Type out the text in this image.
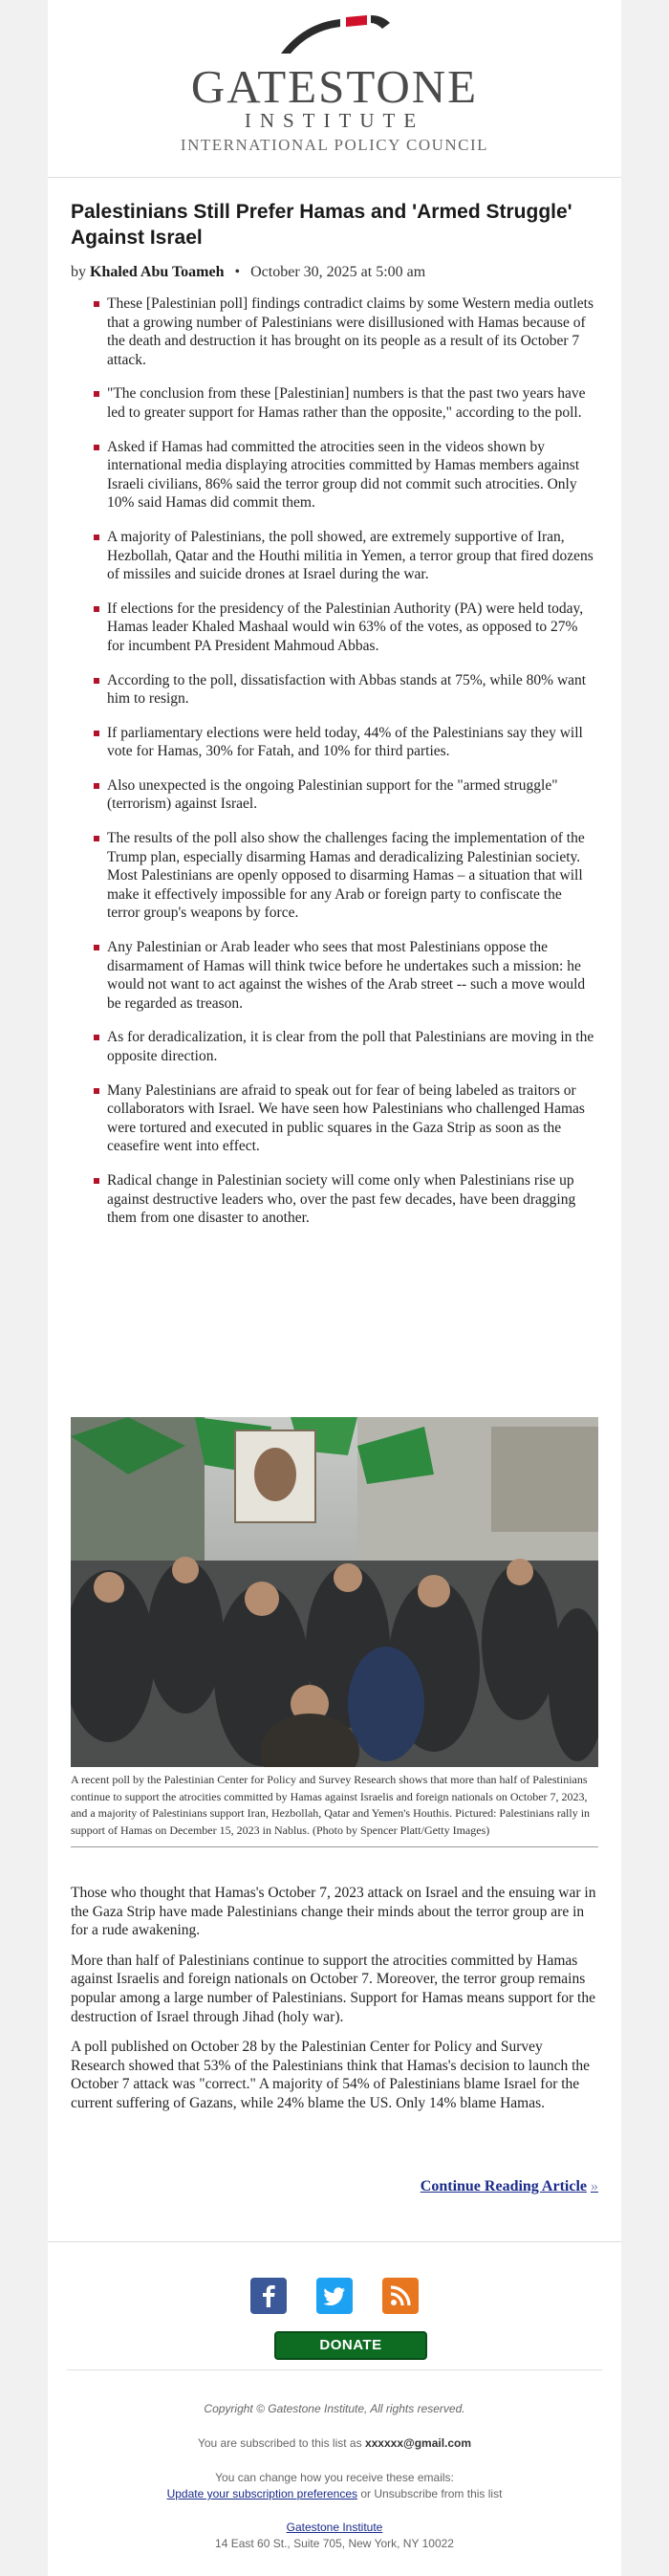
GATESTONE
INSTITUTE
INTERNATIONAL POLICY COUNCIL
Palestinians Still Prefer Hamas and 'Armed Struggle' Against Israel
by Khaled Abu Toameh • October 30, 2025 at 5:00 am
These [Palestinian poll] findings contradict claims by some Western media outlets that a growing number of Palestinians were disillusioned with Hamas because of the death and destruction it has brought on its people as a result of its October 7 attack.
"The conclusion from these [Palestinian] numbers is that the past two years have led to greater support for Hamas rather than the opposite," according to the poll.
Asked if Hamas had committed the atrocities seen in the videos shown by international media displaying atrocities committed by Hamas members against Israeli civilians, 86% said the terror group did not commit such atrocities. Only 10% said Hamas did commit them.
A majority of Palestinians, the poll showed, are extremely supportive of Iran, Hezbollah, Qatar and the Houthi militia in Yemen, a terror group that fired dozens of missiles and suicide drones at Israel during the war.
If elections for the presidency of the Palestinian Authority (PA) were held today, Hamas leader Khaled Mashaal would win 63% of the votes, as opposed to 27% for incumbent PA President Mahmoud Abbas.
According to the poll, dissatisfaction with Abbas stands at 75%, while 80% want him to resign.
If parliamentary elections were held today, 44% of the Palestinians say they will vote for Hamas, 30% for Fatah, and 10% for third parties.
Also unexpected is the ongoing Palestinian support for the "armed struggle" (terrorism) against Israel.
The results of the poll also show the challenges facing the implementation of the Trump plan, especially disarming Hamas and deradicalizing Palestinian society. Most Palestinians are openly opposed to disarming Hamas – a situation that will make it effectively impossible for any Arab or foreign party to confiscate the terror group's weapons by force.
Any Palestinian or Arab leader who sees that most Palestinians oppose the disarmament of Hamas will think twice before he undertakes such a mission: he would not want to act against the wishes of the Arab street -- such a move would be regarded as treason.
As for deradicalization, it is clear from the poll that Palestinians are moving in the opposite direction.
Many Palestinians are afraid to speak out for fear of being labeled as traitors or collaborators with Israel. We have seen how Palestinians who challenged Hamas were tortured and executed in public squares in the Gaza Strip as soon as the ceasefire went into effect.
Radical change in Palestinian society will come only when Palestinians rise up against destructive leaders who, over the past few decades, have been dragging them from one disaster to another.
A recent poll by the Palestinian Center for Policy and Survey Research shows that more than half of Palestinians continue to support the atrocities committed by Hamas against Israelis and foreign nationals on October 7, 2023, and a majority of Palestinians support Iran, Hezbollah, Qatar and Yemen's Houthis. Pictured: Palestinians rally in support of Hamas on December 15, 2023 in Nablus. (Photo by Spencer Platt/Getty Images)

Those who thought that Hamas's October 7, 2023 attack on Israel and the ensuing war in the Gaza Strip have made Palestinians change their minds about the terror group are in for a rude awakening.

More than half of Palestinians continue to support the atrocities committed by Hamas against Israelis and foreign nationals on October 7. Moreover, the terror group remains popular among a large number of Palestinians. Support for Hamas means support for the destruction of Israel through Jihad (holy war).

A poll published on October 28 by the Palestinian Center for Policy and Survey Research showed that 53% of the Palestinians think that Hamas's decision to launch the October 7 attack was "correct." A majority of 54% of Palestinians blame Israel for the current suffering of Gazans, while 24% blame the US. Only 14% blame Hamas.

Continue Reading Article »
DONATE
Copyright © Gatestone Institute, All rights reserved.
You are subscribed to this list as xxxxxx@gmail.com
You can change how you receive these emails:
Update your subscription preferences or Unsubscribe from this list
Gatestone Institute
14 East 60 St., Suite 705, New York, NY 10022
